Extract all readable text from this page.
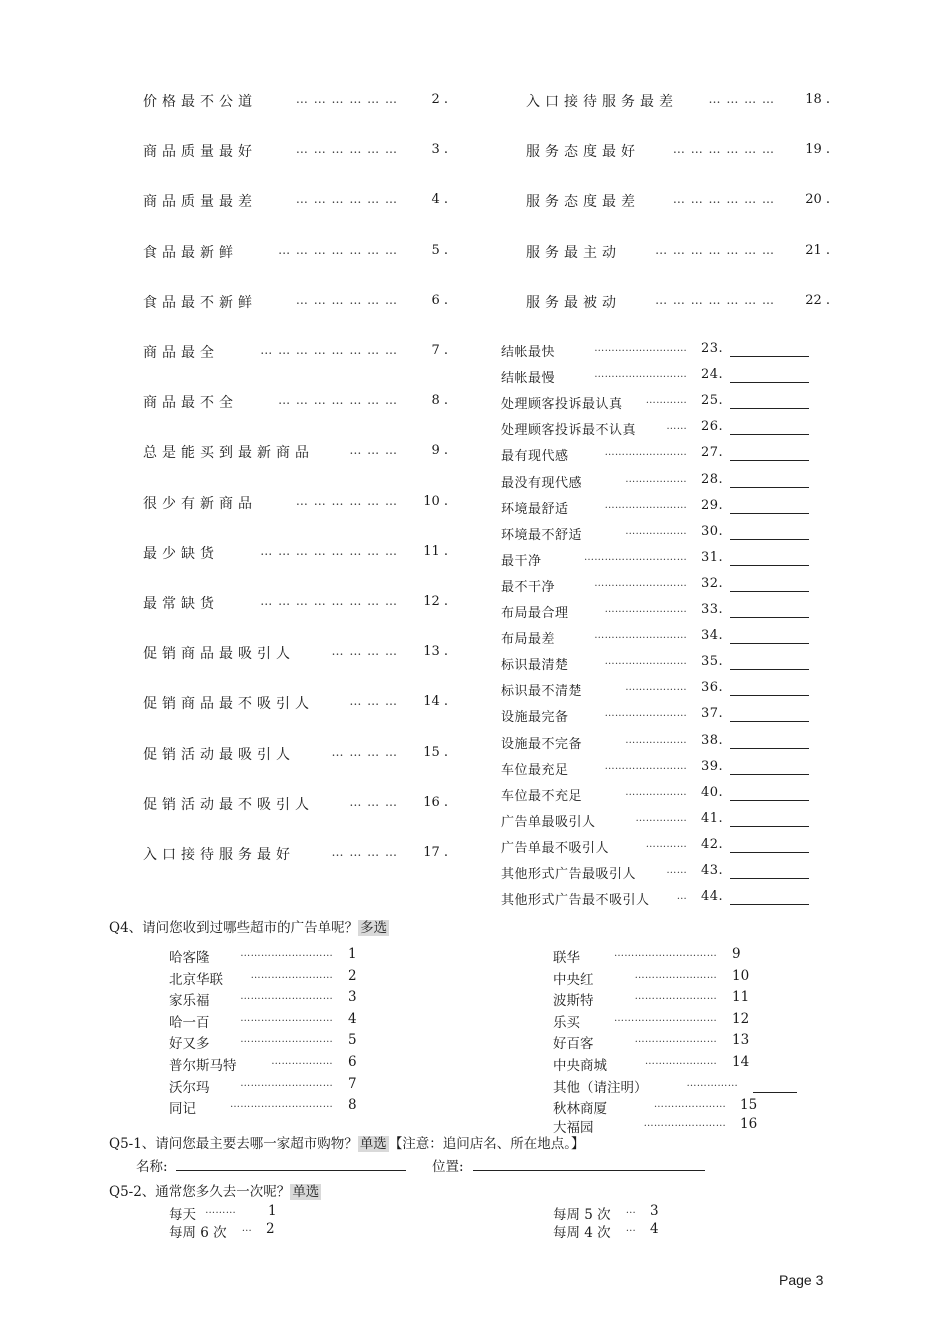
价格最不公道	… … … … … …	2 .
商品质量最好	… … … … … …	3 .
商品质量最差	… … … … … …	4 .
食品最新鲜	… … … … … … …	5 .
食品最不新鲜	… … … … … …	6 .
商品最全	… … … … … … … …	7 .
商品最不全	… … … … … … …	8 .
总是能买到最新商品	… … …	9 .
很少有新商品	… … … … … … 10 .
最少缺货	… … … … … … … … 11 .
最常缺货	… … … … … … … … 12 .
促销商品最吸引人	… … … … 13 .
促销商品最不吸引人	… … … 14 .
促销活动最吸引人	… … … … 15 .
促销活动最不吸引人	… … … 16 .
入口接待服务最好	… … … … 17 .
入口接待服务最差	… … … … 18 .
服务态度最好	… … … … … … 19 .
服务态度最差	… … … … … … 20 .
服务最主动	… … … … … … … 21 .
服务最被动	… … … … … … … 22 .
结帐最快	……………………… 23.
结帐最慢	……………………… 24.
处理顾客投诉最认真 ………… 25.
处理顾客投诉最不认真	…… 26.
最有现代感	…………………… 27.
最没有现代感	……………… 28.
环境最舒适	…………………… 29.
环境最不舒适	……………… 30.
最干净	………………………… 31.
最不干净	……………………… 32.
布局最合理	…………………… 33.
布局最差	……………………… 34.
标识最清楚	…………………… 35.
标识最不清楚	……………… 36.
设施最完备	…………………… 37.
设施最不完备	……………… 38.
车位最充足	…………………… 39.
车位最不充足	……………… 40.
广告单最吸引人	…………… 41.
广告单最不吸引人	………… 42.
其他形式广告最吸引人	…… 43.
其他形式广告最不吸引人	… 44.
Q4、请问您收到过哪些超市的广告单呢？ 多选
哈客隆	……………………… 1
北京华联	…………………… 2
家乐福	……………………… 3
哈一百	……………………… 4
好又多	……………………… 5
普尔斯马特	……………… 6
沃尔玛	……………………… 7
同记	………………………… 8
联华	………………………… 9
中央红	…………………… 10
波斯特	…………………… 11
乐买	………………………… 12
好百客	…………………… 13
中央商城	………………… 14
其他（请注明）	……………
秋林商厦	………………… 15
大福园	…………………… 16
Q5-1、请问您最主要去哪一家超市购物？ 单选 【注意：追问店名、所在地点。】
名称:	位置:
Q5-2、通常您多久去一次呢？ 单选
每天 ……… 1
每周 6 次 … 2
每周 5 次 … 3
每周 4 次 … 4
Page 3
